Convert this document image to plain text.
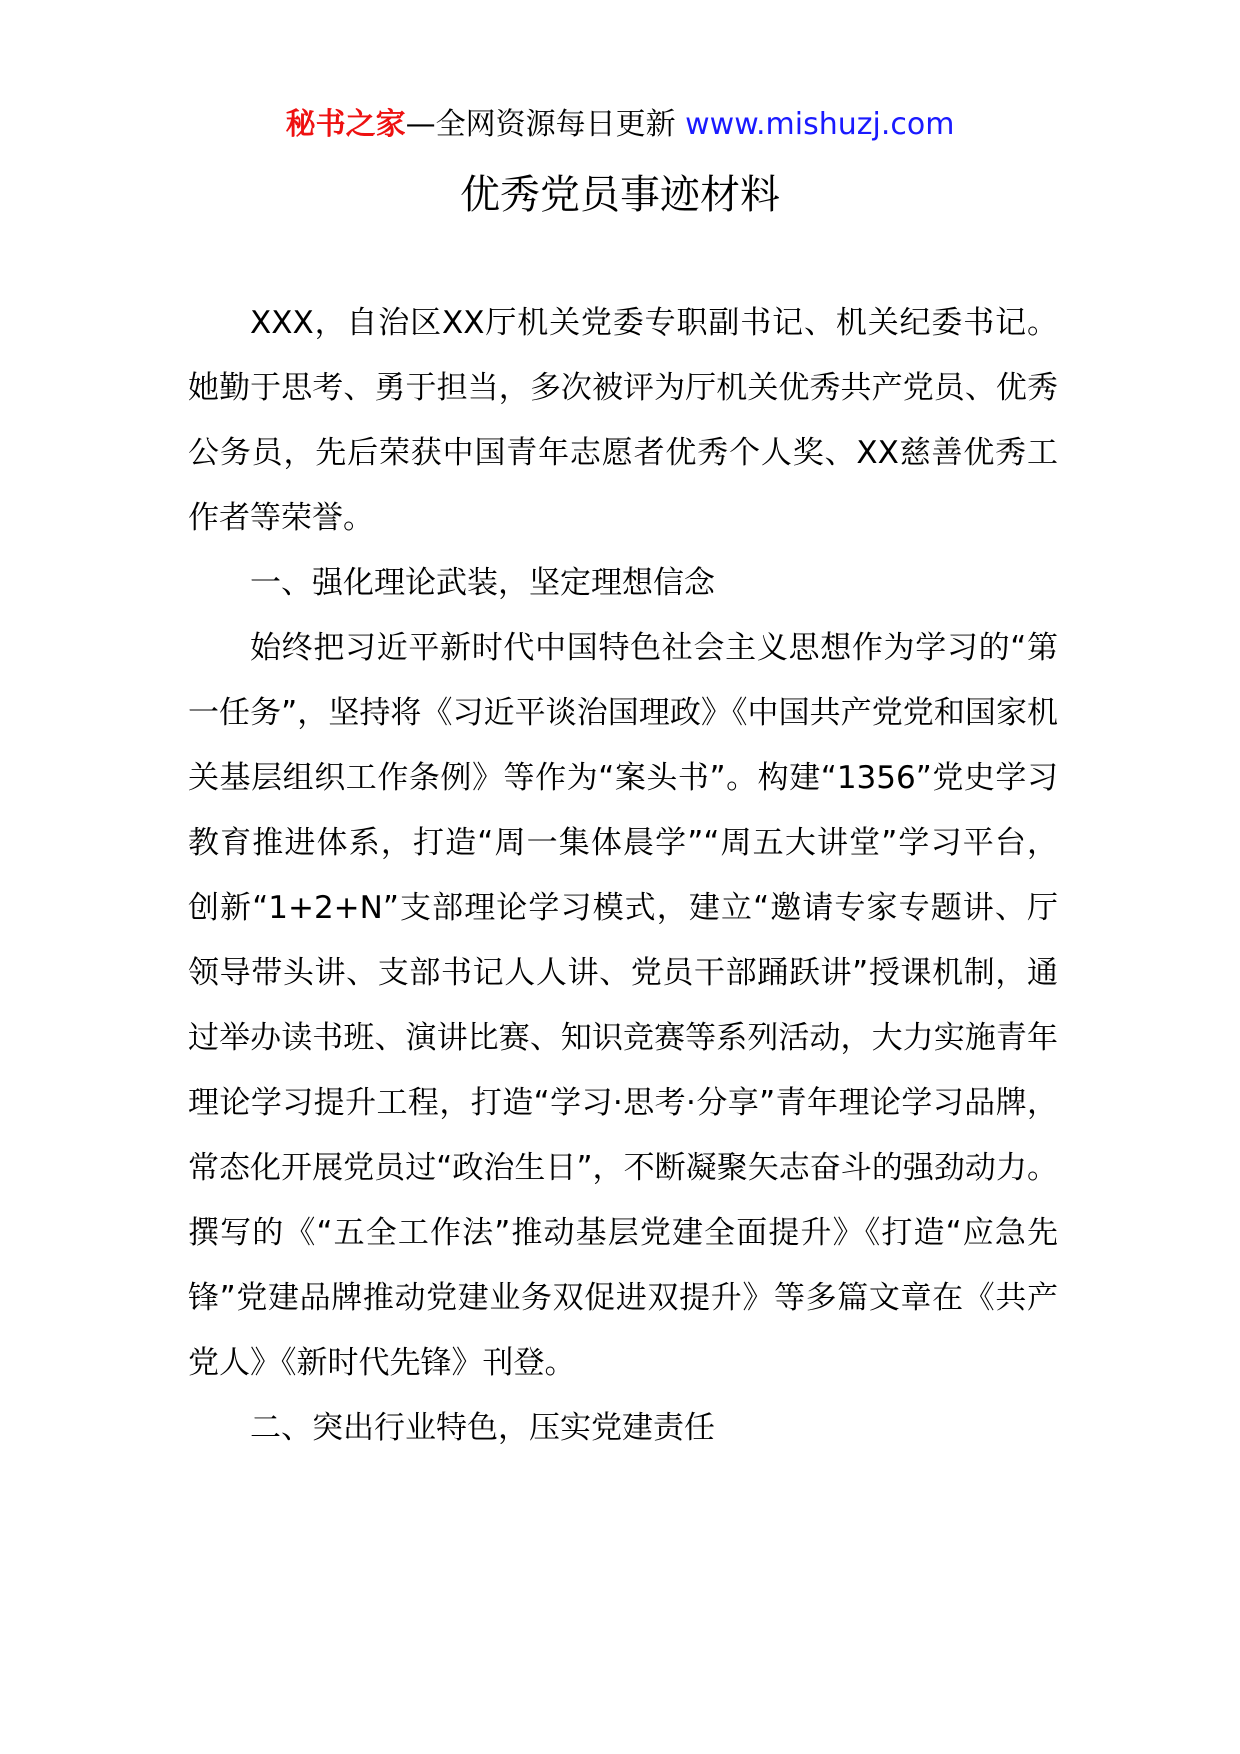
秘书之家—全网资源每日更新 www.mishuzj.com
优秀党员事迹材料

XXX，自治区XX厅机关党委专职副书记、机关纪委书记。她勤于思考、勇于担当，多次被评为厅机关优秀共产党员、优秀公务员，先后荣获中国青年志愿者优秀个人奖、XX慈善优秀工作者等荣誉。

一、强化理论武装，坚定理想信念

始终把习近平新时代中国特色社会主义思想作为学习的“第一任务”，坚持将《习近平谈治国理政》《中国共产党党和国家机关基层组织工作条例》等作为“案头书”。构建“1356”党史学习教育推进体系，打造“周一集体晨学”“周五大讲堂”学习平台，创新“1+2+N”支部理论学习模式，建立“邀请专家专题讲、厅领导带头讲、支部书记人人讲、党员干部踊跃讲”授课机制，通过举办读书班、演讲比赛、知识竞赛等系列活动，大力实施青年理论学习提升工程，打造“学习·思考·分享”青年理论学习品牌，常态化开展党员过“政治生日”，不断凝聚矢志奋斗的强劲动力。撰写的《“五全工作法”推动基层党建全面提升》《打造“应急先锋”党建品牌推动党建业务双促进双提升》等多篇文章在《共产党人》《新时代先锋》刊登。

二、突出行业特色，压实党建责任
